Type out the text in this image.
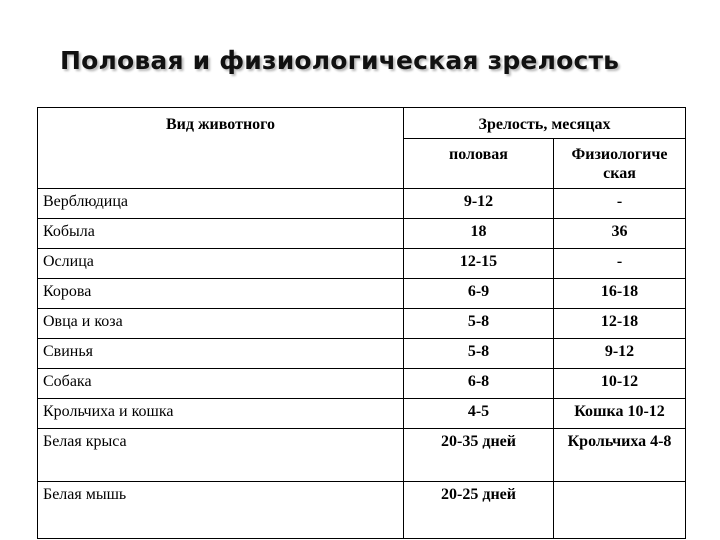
Половая и физиологическая зрелость
Вид животного	Зрелость, месяцах	
	половая	Физиологиче ская
Верблюдица	9-12	-
Кобыла	18	36
Ослица	12-15	-
Корова	6-9	16-18
Овца и коза	5-8	12-18
Свинья	5-8	9-12
Собака	6-8	10-12
Крольчиха и кошка	4-5	Кошка 10-12
Белая крыса	20-35 дней	Крольчиха 4-8
Белая мышь	20-25 дней	
